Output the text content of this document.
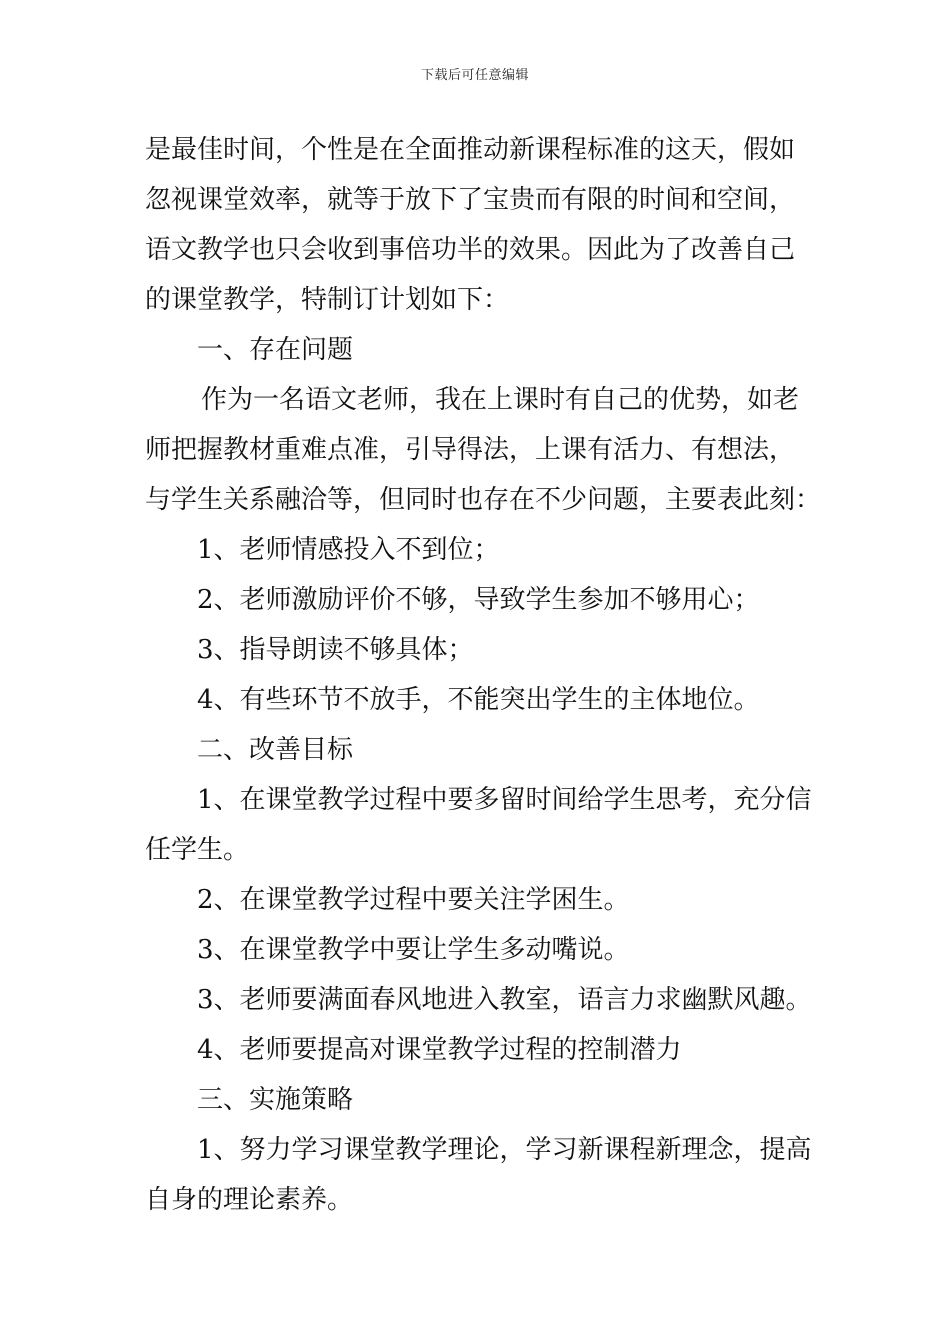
下载后可任意编辑
是最佳时间，个性是在全面推动新课程标准的这天，假如
忽视课堂效率，就等于放下了宝贵而有限的时间和空间，
语文教学也只会收到事倍功半的效果。因此为了改善自己
的课堂教学，特制订计划如下：
一、存在问题
作为一名语文老师，我在上课时有自己的优势，如老
师把握教材重难点准，引导得法，上课有活力、有想法，
与学生关系融洽等，但同时也存在不少问题，主要表此刻：
1、老师情感投入不到位；
2、老师激励评价不够，导致学生参加不够用心；
3、指导朗读不够具体；
4、有些环节不放手，不能突出学生的主体地位。
二、改善目标
1、在课堂教学过程中要多留时间给学生思考，充分信
任学生。
2、在课堂教学过程中要关注学困生。
3、在课堂教学中要让学生多动嘴说。
3、老师要满面春风地进入教室，语言力求幽默风趣。
4、老师要提高对课堂教学过程的控制潜力
三、实施策略
1、努力学习课堂教学理论，学习新课程新理念，提高
自身的理论素养。
